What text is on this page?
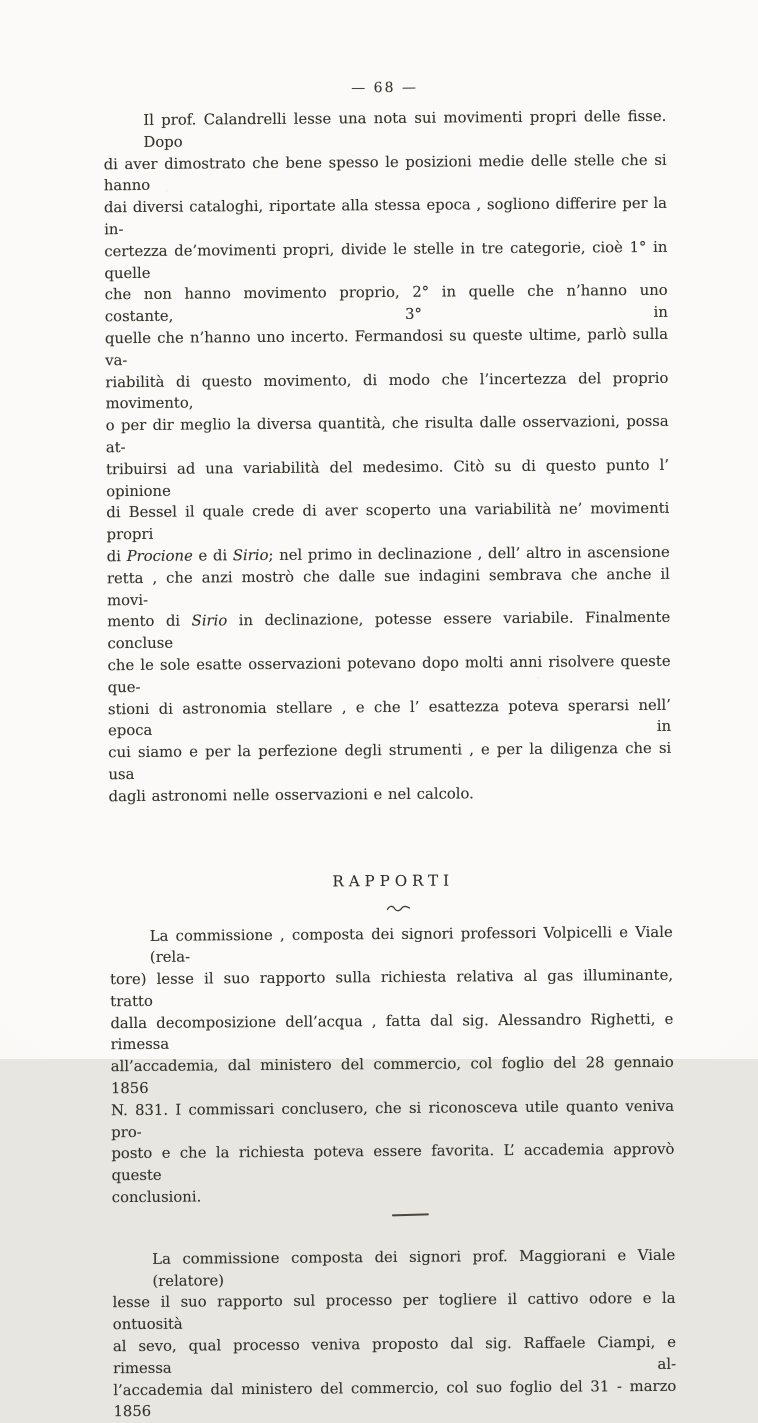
— 68 —
Il prof. Calandrelli lesse una nota sui movimenti propri delle fisse. Dopo
di aver dimostrato che bene spesso le posizioni medie delle stelle che si hanno
dai diversi cataloghi, riportate alla stessa epoca , sogliono differire per la in-
certezza de’movimenti propri, divide le stelle in tre categorie, cioè 1° in quelle
che non hanno movimento proprio, 2° in quelle che n’hanno uno costante, 3° in
quelle che n’hanno uno incerto. Fermandosi su queste ultime, parlò sulla va-
riabilità di questo movimento, di modo che l’incertezza del proprio movimento,
o per dir meglio la diversa quantità, che risulta dalle osservazioni, possa at-
tribuirsi ad una variabilità del medesimo. Citò su di questo punto l’ opinione
di Bessel il quale crede di aver scoperto una variabilità ne’ movimenti propri
di Procione e di Sirio; nel primo in declinazione , dell’ altro in ascensione
retta , che anzi mostrò che dalle sue indagini sembrava che anche il movi-
mento di Sirio in declinazione, potesse essere variabile. Finalmente concluse
che le sole esatte osservazioni potevano dopo molti anni risolvere queste que-
stioni di astronomia stellare , e che l’ esattezza poteva sperarsi nell’ epoca in
cui siamo e per la perfezione degli strumenti , e per la diligenza che si usa
dagli astronomi nelle osservazioni e nel calcolo.
RAPPORTI
La commissione , composta dei signori professori Volpicelli e Viale (rela-
tore) lesse il suo rapporto sulla richiesta relativa al gas illuminante, tratto
dalla decomposizione dell’acqua , fatta dal sig. Alessandro Righetti, e rimessa
all’accademia, dal ministero del commercio, col foglio del 28 gennaio 1856
N. 831. I commissari conclusero, che si riconosceva utile quanto veniva pro-
posto e che la richiesta poteva essere favorita. L’ accademia approvò queste
conclusioni.
La commissione composta dei signori prof. Maggiorani e Viale (relatore)
lesse il suo rapporto sul processo per togliere il cattivo odore e la ontuosità
al sevo, qual processo veniva proposto dal sig. Raffaele Ciampi, e rimessa al-
l’accademia dal ministero del commercio, col suo foglio del 31 - marzo 1856
